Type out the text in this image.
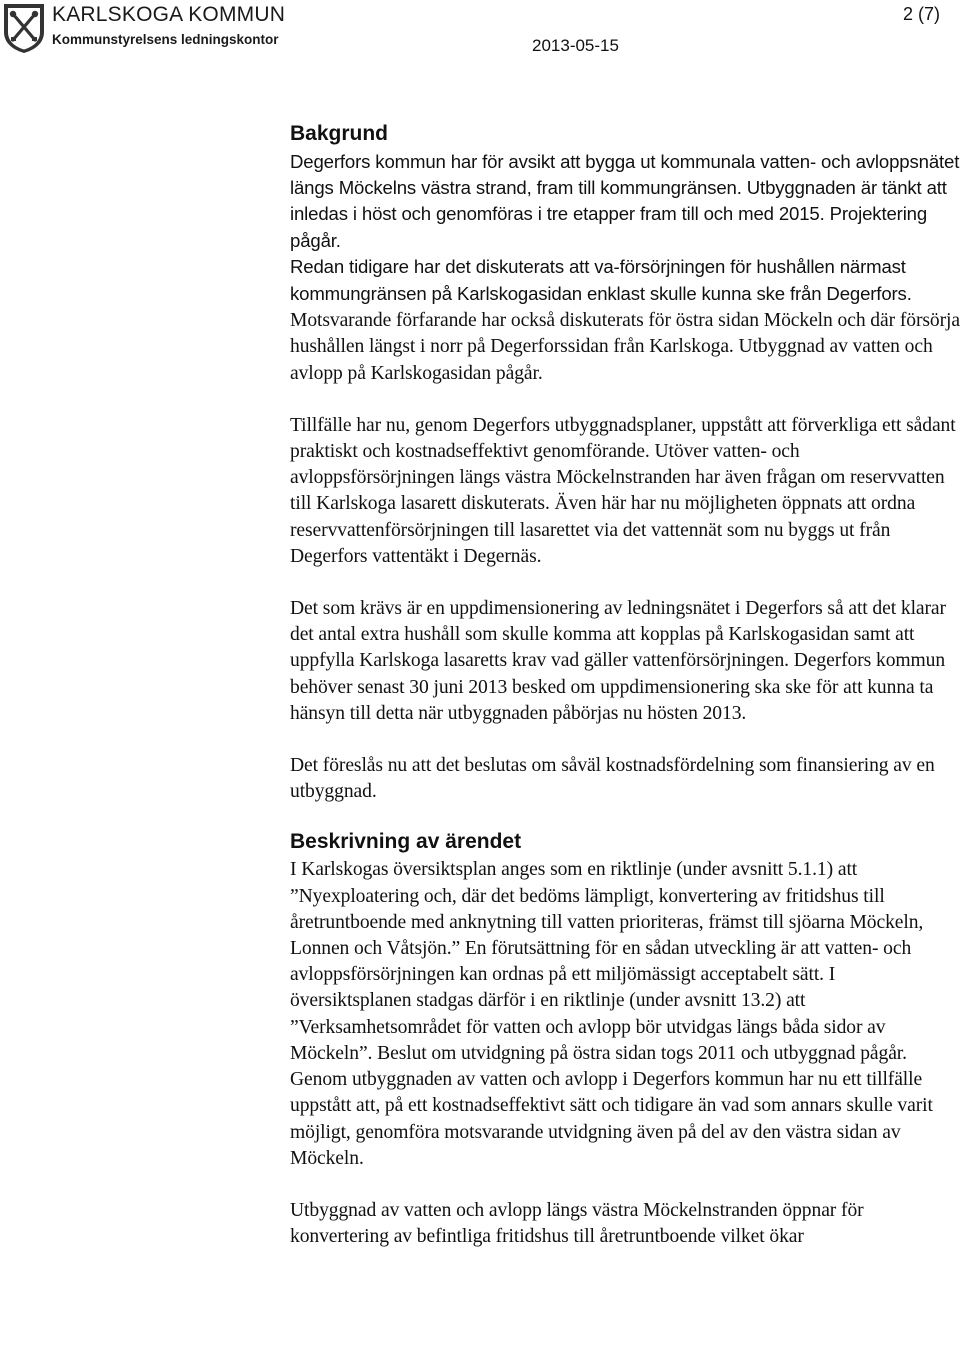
KARLSKOGA KOMMUN
Kommunstyrelsens ledningskontor	2013-05-15
2 (7)
Bakgrund

Degerfors kommun har för avsikt att bygga ut kommunala vatten- och avloppsnätet längs Möckelns västra strand, fram till kommungränsen. Utbyggnaden är tänkt att inledas i höst och genomföras i tre etapper fram till och med 2015. Projektering pågår.

Redan tidigare har det diskuterats att va-försörjningen för hushållen närmast kommungränsen på Karlskogasidan enklast skulle kunna ske från Degerfors. Motsvarande förfarande har också diskuterats för östra sidan Möckeln och där försörja hushållen längst i norr på Degerforssidan från Karlskoga. Utbyggnad av vatten och avlopp på Karlskogasidan pågår.

Tillfälle har nu, genom Degerfors utbyggnadsplaner, uppstått att förverkliga ett sådant praktiskt och kostnadseffektivt genomförande. Utöver vatten- och avloppsförsörjningen längs västra Möckelnstranden har även frågan om reservvatten till Karlskoga lasarett diskuterats. Även här har nu möjligheten öppnats att ordna reservvattenförsörjningen till lasarettet via det vattennät som nu byggs ut från Degerfors vattentäkt i Degernäs.

Det som krävs är en uppdimensionering av ledningsnätet i Degerfors så att det klarar det antal extra hushåll som skulle komma att kopplas på Karlskogasidan samt att uppfylla Karlskoga lasaretts krav vad gäller vattenförsörjningen. Degerfors kommun behöver senast 30 juni 2013 besked om uppdimensionering ska ske för att kunna ta hänsyn till detta när utbyggnaden påbörjas nu hösten 2013.

Det föreslås nu att det beslutas om såväl kostnadsfördelning som finansiering av en utbyggnad.

Beskrivning av ärendet

I Karlskogas översiktsplan anges som en riktlinje (under avsnitt 5.1.1) att ”Nyexploatering och, där det bedöms lämpligt, konvertering av fritidshus till åretruntboende med anknytning till vatten prioriteras, främst till sjöarna Möckeln, Lonnen och Våtsjön.” En förutsättning för en sådan utveckling är att vatten- och avloppsförsörjningen kan ordnas på ett miljömässigt acceptabelt sätt. I översiktsplanen stadgas därför i en riktlinje (under avsnitt 13.2) att ”Verksamhetsområdet för vatten och avlopp bör utvidgas längs båda sidor av Möckeln”. Beslut om utvidgning på östra sidan togs 2011 och utbyggnad pågår. Genom utbyggnaden av vatten och avlopp i Degerfors kommun har nu ett tillfälle uppstått att, på ett kostnadseffektivt sätt och tidigare än vad som annars skulle varit möjligt, genomföra motsvarande utvidgning även på del av den västra sidan av Möckeln.

Utbyggnad av vatten och avlopp längs västra Möckelnstranden öppnar för konvertering av befintliga fritidshus till åretruntboende vilket ökar
